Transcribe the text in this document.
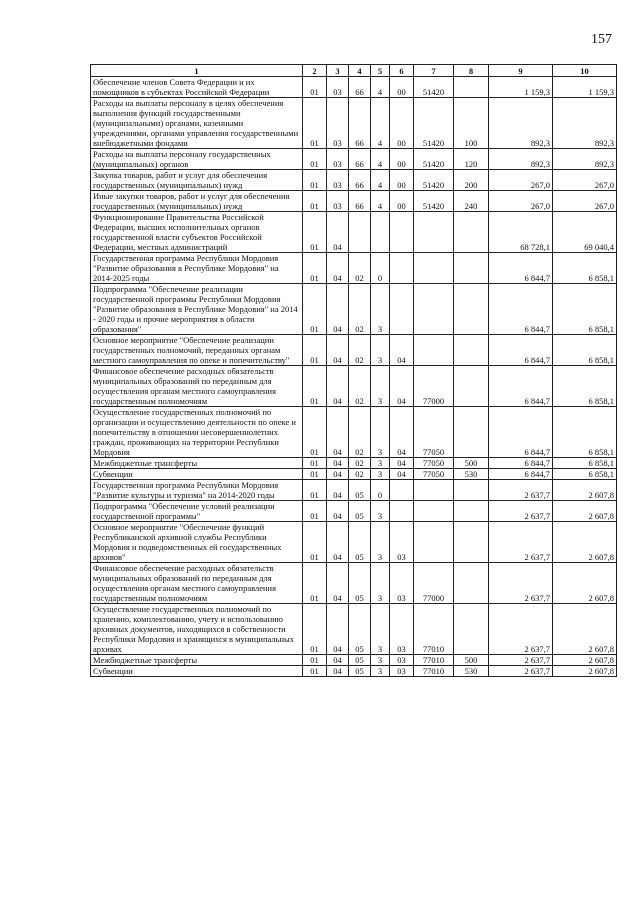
157
1	2	3	4	5	6	7	8	9	10
Обеспечение членов Совета Федерации и их помощников в субъектах Российской Федерации	01	03	66	4	00	51420		1 159,3	1 159,3
Расходы на выплаты персоналу в целях обеспечения выполнения функций государственными (муниципальными) органами, казенными учреждениями, органами управления государственными внебюджетными фондами	01	03	66	4	00	51420	100	892,3	892,3
Расходы на выплаты персоналу государственных (муниципальных) органов	01	03	66	4	00	51420	120	892,3	892,3
Закупка товаров, работ и услуг для обеспечения государственных (муниципальных) нужд	01	03	66	4	00	51420	200	267,0	267,0
Иные закупки товаров, работ и услуг для обеспечения государственных (муниципальных) нужд	01	03	66	4	00	51420	240	267,0	267,0
Функционирование Правительства Российской Федерации, высших исполнительных органов государственной власти субъектов Российской Федерации, местных администраций	01	04						68 728,1	69 040,4
Государственная программа Республики Мордовия "Развитие образования в Республике Мордовия" на 2014-2025 годы	01	04	02	0				6 844,7	6 858,1
Подпрограмма "Обеспечение реализации государственной программы Республики Мордовия "Развитие образования в Республике Мордовия" на 2014 - 2020 годы и прочие мероприятия в области образования"	01	04	02	3				6 844,7	6 858,1
Основное мероприятие "Обеспечение реализации государственных полномочий, переданных органам местного самоуправления по опеке и попечительству"	01	04	02	3	04			6 844,7	6 858,1
Финансовое обеспечение расходных обязательств муниципальных образований по переданным для осуществления органам местного самоуправления государственным полномочиям	01	04	02	3	04	77000		6 844,7	6 858,1
Осуществление государственных полномочий по организации и осуществлению деятельности по опеке и попечительству в отношении несовершеннолетних граждан, проживающих на территории Республики Мордовия	01	04	02	3	04	77050		6 844,7	6 858,1
Межбюджетные трансферты	01	04	02	3	04	77050	500	6 844,7	6 858,1
Субвенции	01	04	02	3	04	77050	530	6 844,7	6 858,1
Государственная программа Республики Мордовия "Развитие культуры и туризма" на 2014-2020 годы	01	04	05	0				2 637,7	2 607,8
Подпрограмма "Обеспечение условий реализации государственной программы"	01	04	05	3				2 637,7	2 607,8
Основное мероприятие "Обеспечение функций Республиканской архивной службы Республики Мордовия и подведомственных ей государственных архивов"	01	04	05	3	03			2 637,7	2 607,8
Финансовое обеспечение расходных обязательств муниципальных образований по переданным для осуществления органам местного самоуправления государственным полномочиям	01	04	05	3	03	77000		2 637,7	2 607,8
Осуществление государственных полномочий по хранению, комплектованию, учету и использованию архивных документов, находящихся в собственности Республики Мордовия и хранящихся в муниципальных архивах	01	04	05	3	03	77010		2 637,7	2 607,8
Межбюджетные трансферты	01	04	05	3	03	77010	500	2 637,7	2 607,8
Субвенции	01	04	05	3	03	77010	530	2 637,7	2 607,8
